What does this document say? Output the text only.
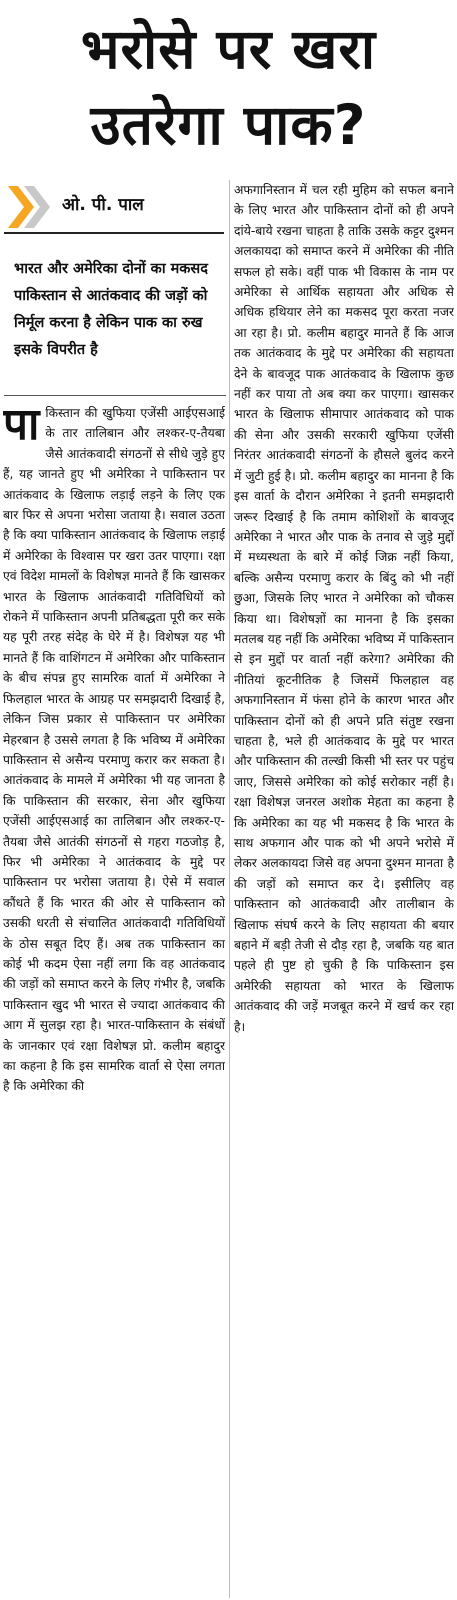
भरोसे पर खरा
उतरेगा पाक?
ओ. पी. पाल
भारत और अमेरिका दोनों का मकसद पाकिस्तान से आतंकवाद की जड़ों को निर्मूल करना है लेकिन पाक का रुख इसके विपरीत है
पा किस्तान की खुफिया एजेंसी आईएसआई के तार तालिबान और लश्कर-ए-तैयबा जैसे आतंकवादी संगठनों से सीधे जुड़े हुए हैं, यह जानते हुए भी अमेरिका ने पाकिस्तान पर आतंकवाद के खिलाफ लड़ाई लड़ने के लिए एक बार फिर से अपना भरोसा जताया है। सवाल उठता है कि क्या पाकिस्तान आतंकवाद के खिलाफ लड़ाई में अमेरिका के विश्वास पर खरा उतर पाएगा। रक्षा एवं विदेश मामलों के विशेषज्ञ मानते हैं कि खासकर भारत के खिलाफ आतंकवादी गतिविधियों को रोकने में पाकिस्तान अपनी प्रतिबद्धता पूरी कर सके यह पूरी तरह संदेह के घेरे में है। विशेषज्ञ यह भी मानते हैं कि वाशिंगटन में अमेरिका और पाकिस्तान के बीच संपन्न हुए सामरिक वार्ता में अमेरिका ने फिलहाल भारत के आग्रह पर समझदारी दिखाई है, लेकिन जिस प्रकार से पाकिस्तान पर अमेरिका मेहरबान है उससे लगता है कि भविष्य में अमेरिका पाकिस्तान से असैन्य परमाणु करार कर सकता है। आतंकवाद के मामले में अमेरिका भी यह जानता है कि पाकिस्तान की सरकार, सेना और खुफिया एजेंसी आईएसआई का तालिबान और लश्कर-ए-तैयबा जैसे आतंकी संगठनों से गहरा गठजोड़ है, फिर भी अमेरिका ने आतंकवाद के मुद्दे पर पाकिस्तान पर भरोसा जताया है। ऐसे में सवाल कौंधते हैं कि भारत की ओर से पाकिस्तान को उसकी धरती से संचालित आतंकवादी गतिविधियों के ठोस सबूत दिए हैं। अब तक पाकिस्तान का कोई भी कदम ऐसा नहीं लगा कि वह आतंकवाद की जड़ों को समाप्त करने के लिए गंभीर है, जबकि पाकिस्तान खुद भी भारत से ज्यादा आतंकवाद की आग में सुलझ रहा है। भारत-पाकिस्तान के संबंधों के जानकार एवं रक्षा विशेषज्ञ प्रो. कलीम बहादुर का कहना है कि इस सामरिक वार्ता से ऐसा लगता है कि अमेरिका की
अफगानिस्तान में चल रही मुहिम को सफल बनाने के लिए भारत और पाकिस्तान दोनों को ही अपने दांये-बाये रखना चाहता है ताकि उसके कट्टर दुश्मन अलकायदा को समाप्त करने में अमेरिका की नीति सफल हो सके। वहीं पाक भी विकास के नाम पर अमेरिका से आर्थिक सहायता और अधिक से अधिक हथियार लेने का मकसद पूरा करता नजर आ रहा है। प्रो. कलीम बहादुर मानते हैं कि आज तक आतंकवाद के मुद्दे पर अमेरिका की सहायता देने के बावजूद पाक आतंकवाद के खिलाफ कुछ नहीं कर पाया तो अब क्या कर पाएगा। खासकर भारत के खिलाफ सीमापार आतंकवाद को पाक की सेना और उसकी सरकारी खुफिया एजेंसी निरंतर आतंकवादी संगठनों के हौसले बुलंद करने में जुटी हुई है। प्रो. कलीम बहादुर का मानना है कि इस वार्ता के दौरान अमेरिका ने इतनी समझदारी जरूर दिखाई है कि तमाम कोशिशों के बावजूद अमेरिका ने भारत और पाक के तनाव से जुड़े मुद्दों में मध्यस्थता के बारे में कोई जिक्र नहीं किया, बल्कि असैन्य परमाणु करार के बिंदु को भी नहीं छुआ, जिसके लिए भारत ने अमेरिका को चौकस किया था। विशेषज्ञों का मानना है कि इसका मतलब यह नहीं कि अमेरिका भविष्य में पाकिस्तान से इन मुद्दों पर वार्ता नहीं करेगा? अमेरिका की नीतियां कूटनीतिक है जिसमें फिलहाल वह अफगानिस्तान में फंसा होने के कारण भारत और पाकिस्तान दोनों को ही अपने प्रति संतुष्ट रखना चाहता है, भले ही आतंकवाद के मुद्दे पर भारत और पाकिस्तान की तल्खी किसी भी स्तर पर पहुंच जाए, जिससे अमेरिका को कोई सरोकार नहीं है। रक्षा विशेषज्ञ जनरल अशोक मेहता का कहना है कि अमेरिका का यह भी मकसद है कि भारत के साथ अफगान और पाक को भी अपने भरोसे में लेकर अलकायदा जिसे वह अपना दुश्मन मानता है की जड़ों को समाप्त कर दे। इसीलिए वह पाकिस्तान को आतंकवादी और तालीबान के खिलाफ संघर्ष करने के लिए सहायता की बयार बहाने में बड़ी तेजी से दौड़ रहा है, जबकि यह बात पहले ही पुष्ट हो चुकी है कि पाकिस्तान इस अमेरिकी सहायता को भारत के खिलाफ आतंकवाद की जड़ें मजबूत करने में खर्च कर रहा है।
